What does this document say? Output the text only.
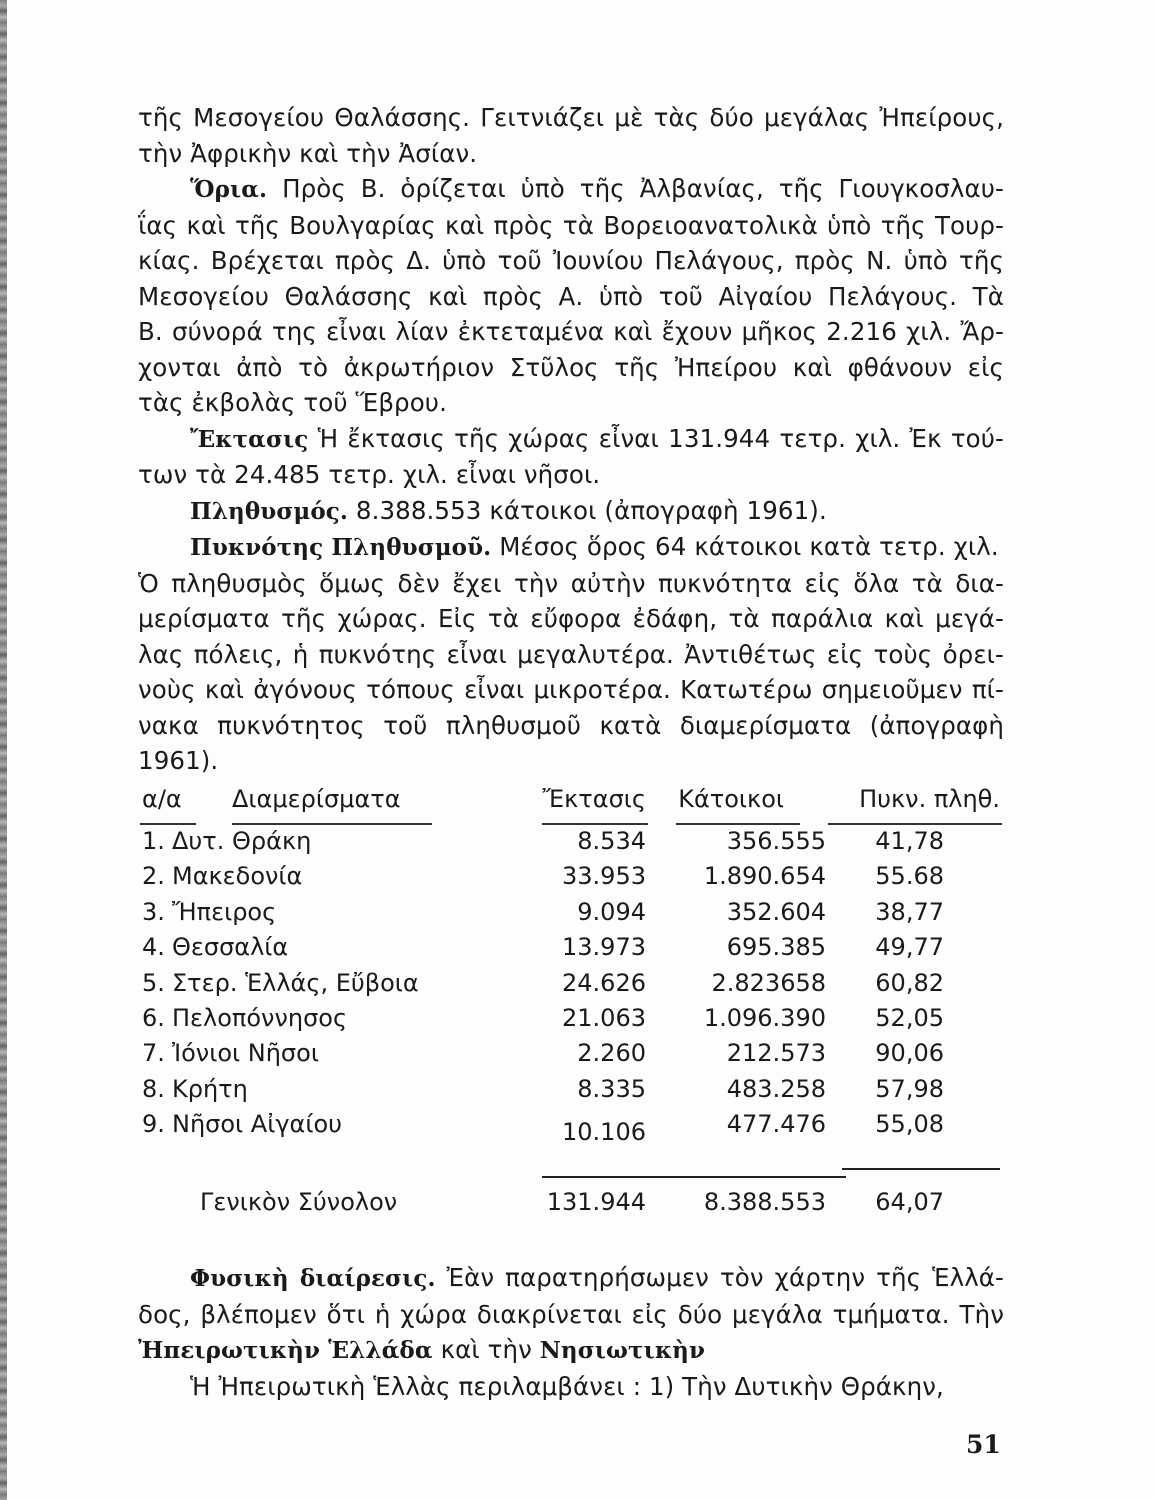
τῆς Μεσογείου Θαλάσσης. Γειτνιάζει μὲ τὰς δύο μεγάλας Ἠπείρους,
τὴν Ἀφρικὴν καὶ τὴν Ἀσίαν.

Ὅρια. Πρὸς Β. ὁρίζεται ὑπὸ τῆς Ἀλβανίας, τῆς Γιουγκοσλαυ-
ΐας καὶ τῆς Βουλγαρίας καὶ πρὸς τὰ Βορειοανατολικὰ ὑπὸ τῆς Τουρ-
κίας. Βρέχεται πρὸς Δ. ὑπὸ τοῦ Ἰουνίου Πελάγους, πρὸς Ν. ὑπὸ τῆς
Μεσογείου Θαλάσσης καὶ πρὸς Α. ὑπὸ τοῦ Αἰγαίου Πελάγους. Τὰ
Β. σύνορά της εἶναι λίαν ἐκτεταμένα καὶ ἔχουν μῆκος 2.216 χιλ. Ἄρ-
χονται ἀπὸ τὸ ἀκρωτήριον Στῦλος τῆς Ἠπείρου καὶ φθάνουν εἰς
τὰς ἐκβολὰς τοῦ Ἕβρου.

Ἔκτασις Ἡ ἔκτασις τῆς χώρας εἶναι 131.944 τετρ. χιλ. Ἐκ τού-
των τὰ 24.485 τετρ. χιλ. εἶναι νῆσοι.

Πληθυσμός. 8.388.553 κάτοικοι (ἀπογραφὴ 1961).

Πυκνότης Πληθυσμοῦ. Μέσος ὅρος 64 κάτοικοι κατὰ τετρ. χιλ.
Ὁ πληθυσμὸς ὅμως δὲν ἔχει τὴν αὐτὴν πυκνότητα εἰς ὅλα τὰ δια-
μερίσματα τῆς χώρας. Εἰς τὰ εὔφορα ἐδάφη, τὰ παράλια καὶ μεγά-
λας πόλεις, ἡ πυκνότης εἶναι μεγαλυτέρα. Ἀντιθέτως εἰς τοὺς ὀρει-
νοὺς καὶ ἀγόνους τόπους εἶναι μικροτέρα. Κατωτέρω σημειοῦμεν πί-
νακα πυκνότητος τοῦ πληθυσμοῦ κατὰ διαμερίσματα (ἀπογραφὴ
1961).

α/α Διαμερίσματα	Ἔκτασις Κάτοικοι	Πυκν. πληθ.
1. Δυτ. Θράκη	8.534	356.555 41,78
2. Μακεδονία	33.953 1.890.654 55.68
3. Ἤπειρος	9.094	352.604 38,77
4. Θεσσαλία	13.973	695.385 49,77
5. Στερ. Ἑλλάς, Εὔβοια	24.626	2.823658 60,82
6. Πελοπόννησος	21.063 1.096.390 52,05
7. Ἰόνιοι Νῆσοι	2.260	212.573 90,06
8. Κρήτη	8.335	483.258 57,98
9. Νῆσοι Αἰγαίου	10.106	477.476 55,08
Γενικὸν Σύνολον	131.944 8.388.553 64,07

Φυσικὴ διαίρεσις. Ἐὰν παρατηρήσωμεν τὸν χάρτην τῆς Ἑλλά-
δος, βλέπομεν ὅτι ἡ χώρα διακρίνεται εἰς δύο μεγάλα τμήματα. Τὴν
Ἠπειρωτικὴν Ἑλλάδα καὶ τὴν Νησιωτικὴν

Ἡ Ἠπειρωτικὴ Ἑλλὰς περιλαμβάνει : 1) Τὴν Δυτικὴν Θράκην,

51
